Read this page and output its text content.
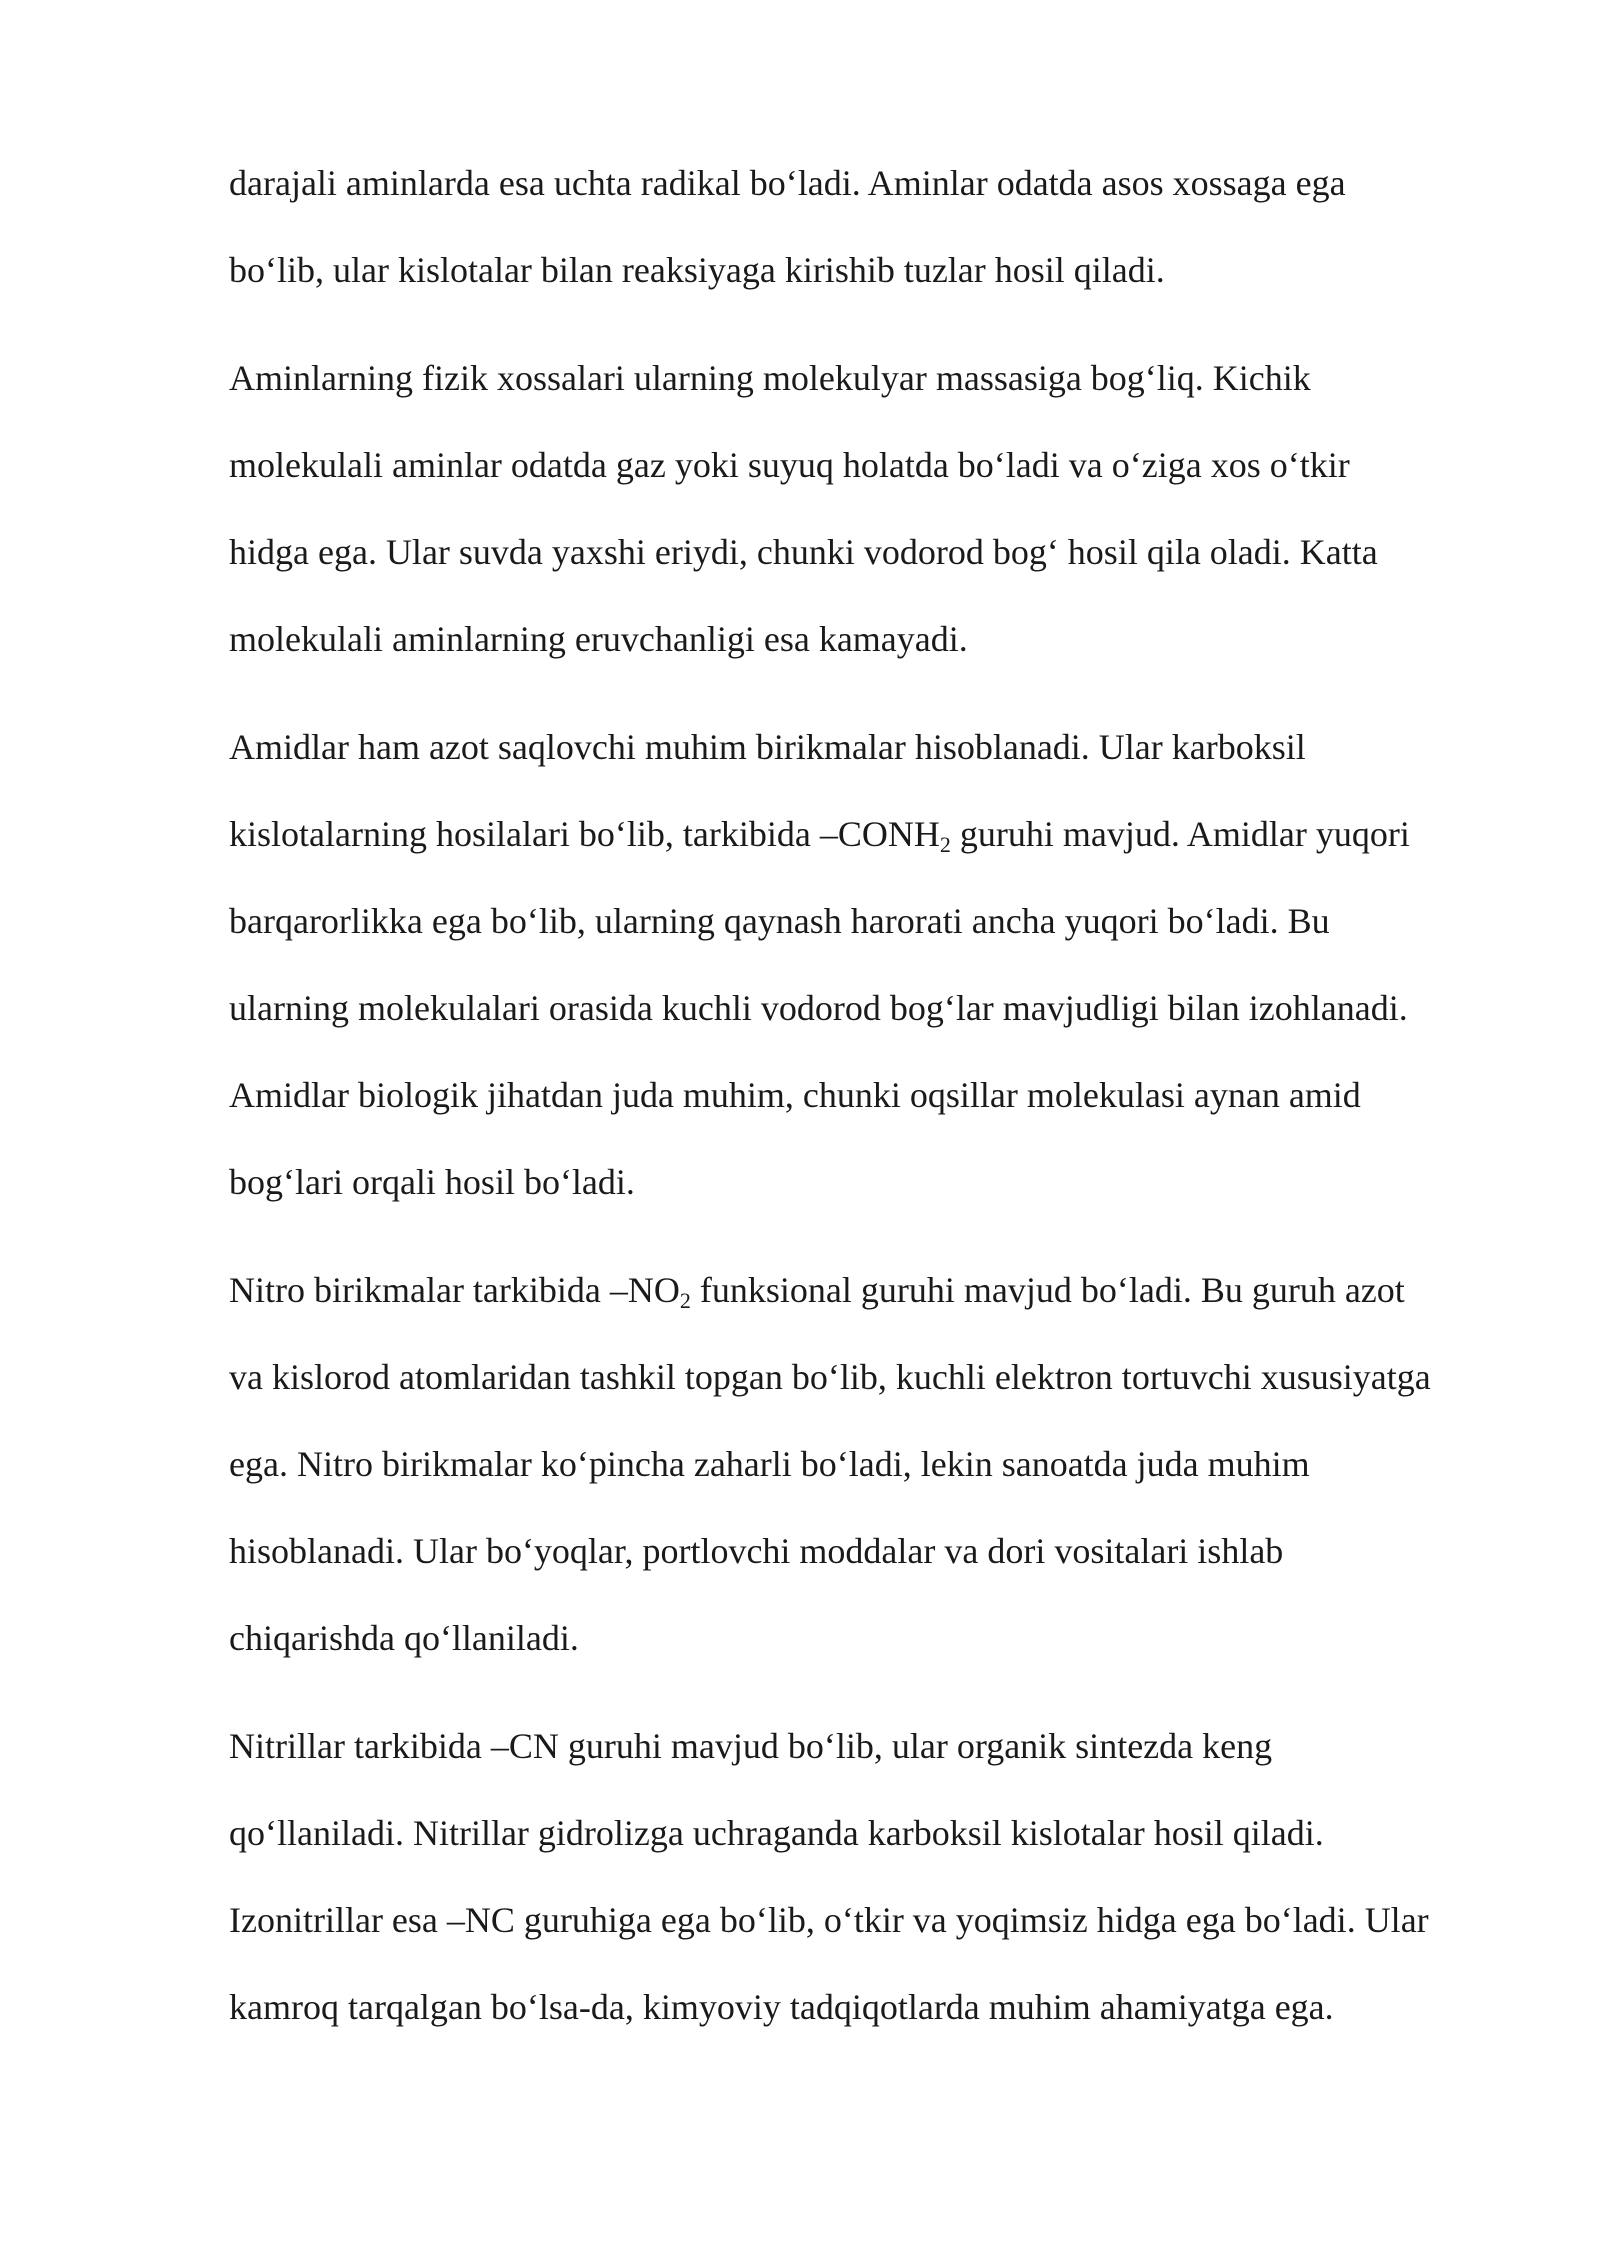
darajali aminlarda esa uchta radikal boʻladi. Aminlar odatda asos xossaga ega
boʻlib, ular kislotalar bilan reaksiyaga kirishib tuzlar hosil qiladi.

Aminlarning fizik xossalari ularning molekulyar massasiga bogʻliq. Kichik
molekulali aminlar odatda gaz yoki suyuq holatda boʻladi va oʻziga xos oʻtkir
hidga ega. Ular suvda yaxshi eriydi, chunki vodorod bogʻ hosil qila oladi. Katta
molekulali aminlarning eruvchanligi esa kamayadi.

Amidlar ham azot saqlovchi muhim birikmalar hisoblanadi. Ular karboksil
kislotalarning hosilalari boʻlib, tarkibida $-CONH_2$ guruhi mavjud. Amidlar yuqori
barqarorlikka ega boʻlib, ularning qaynash harorati ancha yuqori boʻladi. Bu
ularning molekulalari orasida kuchli vodorod bogʻlar mavjudligi bilan izohlanadi.
Amidlar biologik jihatdan juda muhim, chunki oqsillar molekulasi aynan amid
bogʻlari orqali hosil boʻladi.

Nitro birikmalar tarkibida $-NO_2$ funksional guruhi mavjud boʻladi. Bu guruh azot
va kislorod atomlaridan tashkil topgan boʻlib, kuchli elektron tortuvchi xususiyatga
ega. Nitro birikmalar koʻpincha zaharli boʻladi, lekin sanoatda juda muhim
hisoblanadi. Ular boʻyoqlar, portlovchi moddalar va dori vositalari ishlab
chiqarishda qoʻllaniladi.

Nitrillar tarkibida –CN guruhi mavjud boʻlib, ular organik sintezda keng
qoʻllaniladi. Nitrillar gidrolizga uchraganda karboksil kislotalar hosil qiladi.
Izonitrillar esa –NC guruhiga ega boʻlib, oʻtkir va yoqimsiz hidga ega boʻladi. Ular
kamroq tarqalgan boʻlsa-da, kimyoviy tadqiqotlarda muhim ahamiyatga ega.
